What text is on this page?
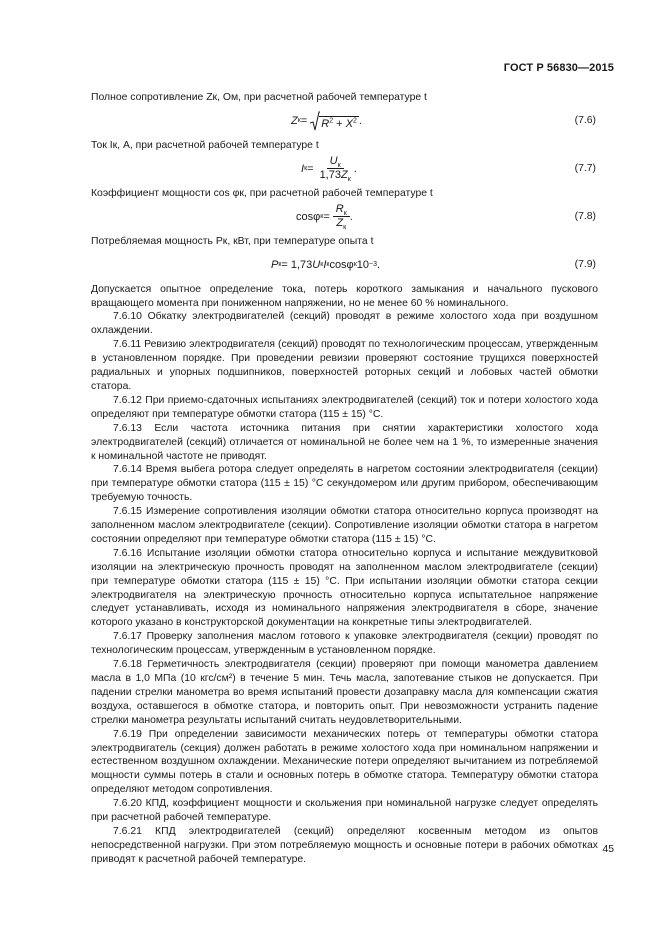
ГОСТ Р 56830—2015

Полное сопротивление Zк, Ом, при расчетной рабочей температуре t

Z $к = R^2 + X^2$ .	(7.6)

Ток Iк, А, при расчетной рабочей температуре t

I $к = \frac{U_к}{1,73Z_к}$ .	(7.7)

Коэффициент мощности cos φк, при расчетной рабочей температуре t

cosφ $к = \frac{R_к}{Z_к}$ .	(7.8)

Потребляемая мощность Pк, кВт, при температуре опыта t

P к = 1,73 U к I к cosφ к 10 −3 .	(7.9)

Допускается опытное определение тока, потерь короткого замыкания и начального пускового вращающего момента при пониженном напряжении, но не менее 60 % номинального.

7.6.10 Обкатку электродвигателей (секций) проводят в режиме холостого хода при воздушном охлаждении.

7.6.11 Ревизию электродвигателя (секций) проводят по технологическим процессам, утвержденным в установленном порядке. При проведении ревизии проверяют состояние трущихся поверхностей радиальных и упорных подшипников, поверхностей роторных секций и лобовых частей обмотки статора.

7.6.12 При приемо-сдаточных испытаниях электродвигателей (секций) ток и потери холостого хода определяют при температуре обмотки статора (115 ± 15) °С.

7.6.13 Если частота источника питания при снятии характеристики холостого хода электродвигателей (секций) отличается от номинальной не более чем на 1 %, то измеренные значения к номинальной частоте не приводят.

7.6.14 Время выбега ротора следует определять в нагретом состоянии электродвигателя (секции) при температуре обмотки статора (115 ± 15) °С секундомером или другим прибором, обеспечивающим требуемую точность.

7.6.15 Измерение сопротивления изоляции обмотки статора относительно корпуса производят на заполненном маслом электродвигателе (секции). Сопротивление изоляции обмотки статора в нагретом состоянии определяют при температуре обмотки статора (115 ± 15) °С.

7.6.16 Испытание изоляции обмотки статора относительно корпуса и испытание междувитковой изоляции на электрическую прочность проводят на заполненном маслом электродвигателе (секции) при температуре обмотки статора (115 ± 15) °С. При испытании изоляции обмотки статора секции электродвигателя на электрическую прочность относительно корпуса испытательное напряжение следует устанавливать, исходя из номинального напряжения электродвигателя в сборе, значение которого указано в конструкторской документации на конкретные типы электродвигателей.

7.6.17 Проверку заполнения маслом готового к упаковке электродвигателя (секции) проводят по технологическим процессам, утвержденным в установленном порядке.

7.6.18 Герметичность электродвигателя (секции) проверяют при помощи манометра давлением масла в 1,0 МПа (10 кгс/см²) в течение 5 мин. Течь масла, запотевание стыков не допускается. При падении стрелки манометра во время испытаний провести дозаправку масла для компенсации сжатия воздуха, оставшегося в обмотке статора, и повторить опыт. При невозможности устранить падение стрелки манометра результаты испытаний считать неудовлетворительными.

7.6.19 При определении зависимости механических потерь от температуры обмотки статора электродвигатель (секция) должен работать в режиме холостого хода при номинальном напряжении и естественном воздушном охлаждении. Механические потери определяют вычитанием из потребляемой мощности суммы потерь в стали и основных потерь в обмотке статора. Температуру обмотки статора определяют методом сопротивления.

7.6.20 КПД, коэффициент мощности и скольжения при номинальной нагрузке следует определять при расчетной рабочей температуре.

7.6.21 КПД электродвигателей (секций) определяют косвенным методом из опытов непосредственной нагрузки. При этом потребляемую мощность и основные потери в рабочих обмотках приводят к расчетной рабочей температуре.

45
